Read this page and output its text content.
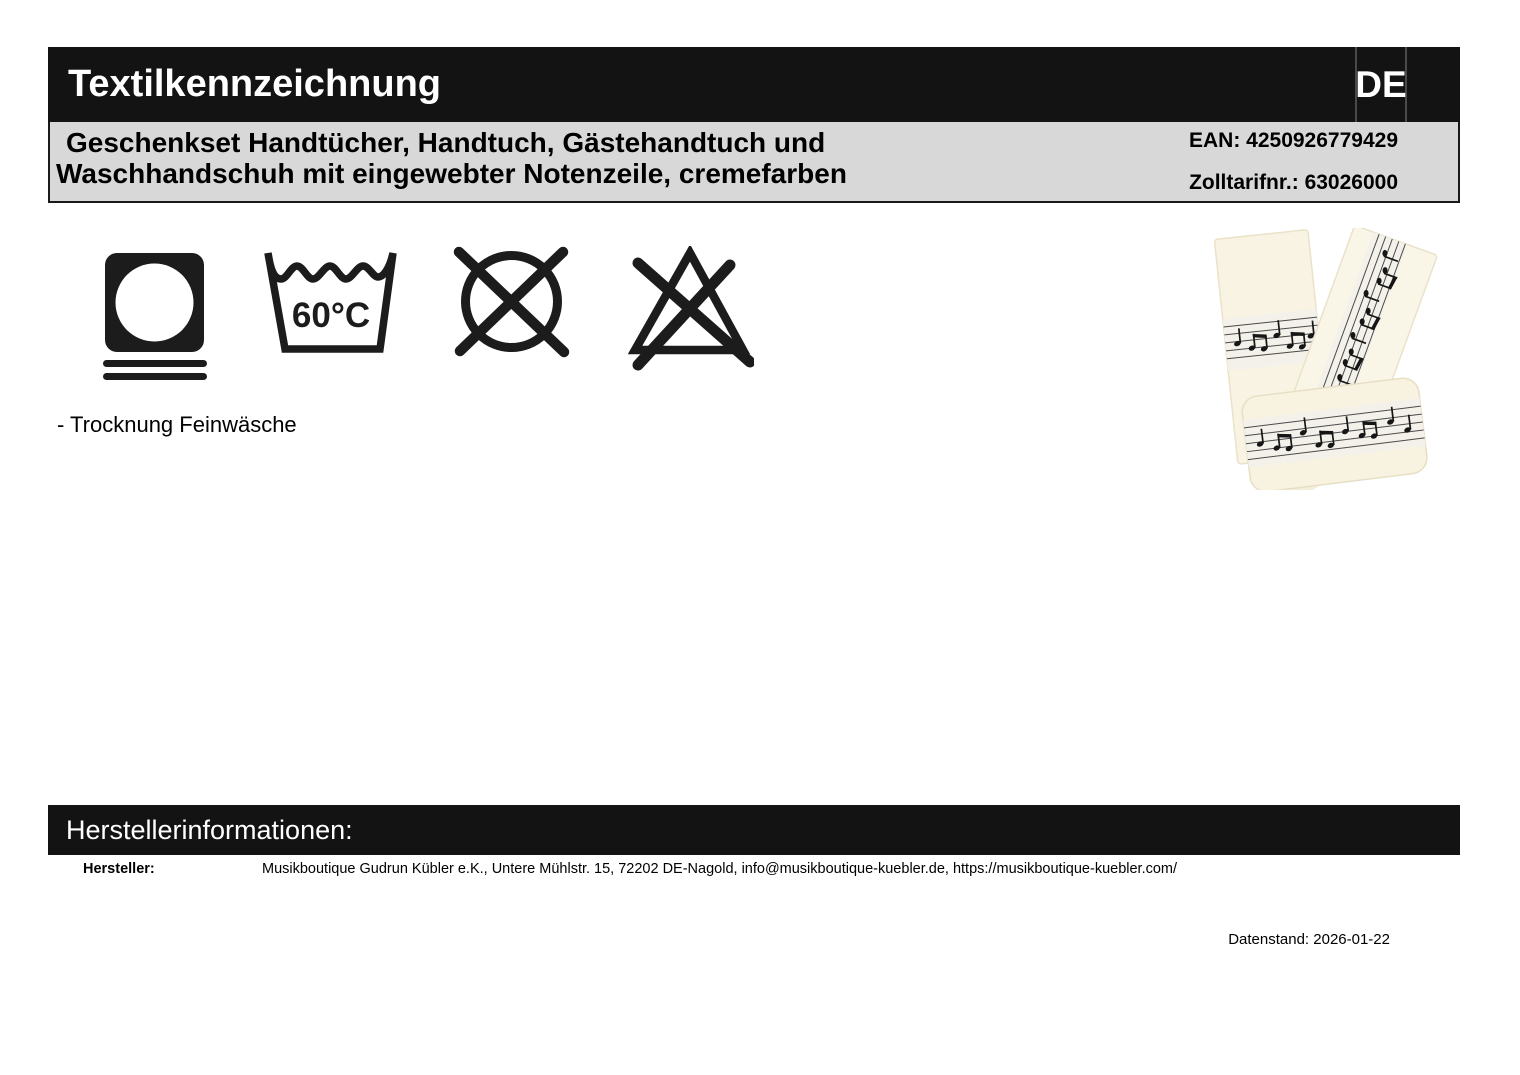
Textilkennzeichnung	DE
Geschenkset Handtücher, Handtuch, Gästehandtuch und
Waschhandschuh mit eingewebter Notenzeile, cremefarben
EAN: 4250926779429
Zolltarifnr.: 63026000
60°C
- Trocknung Feinwäsche
Herstellerinformationen:
Hersteller:	Musikboutique Gudrun Kübler e.K., Untere Mühlstr. 15, 72202 DE-Nagold, info@musikboutique-kuebler.de, https://musikboutique-kuebler.com/
Datenstand: 2026-01-22
